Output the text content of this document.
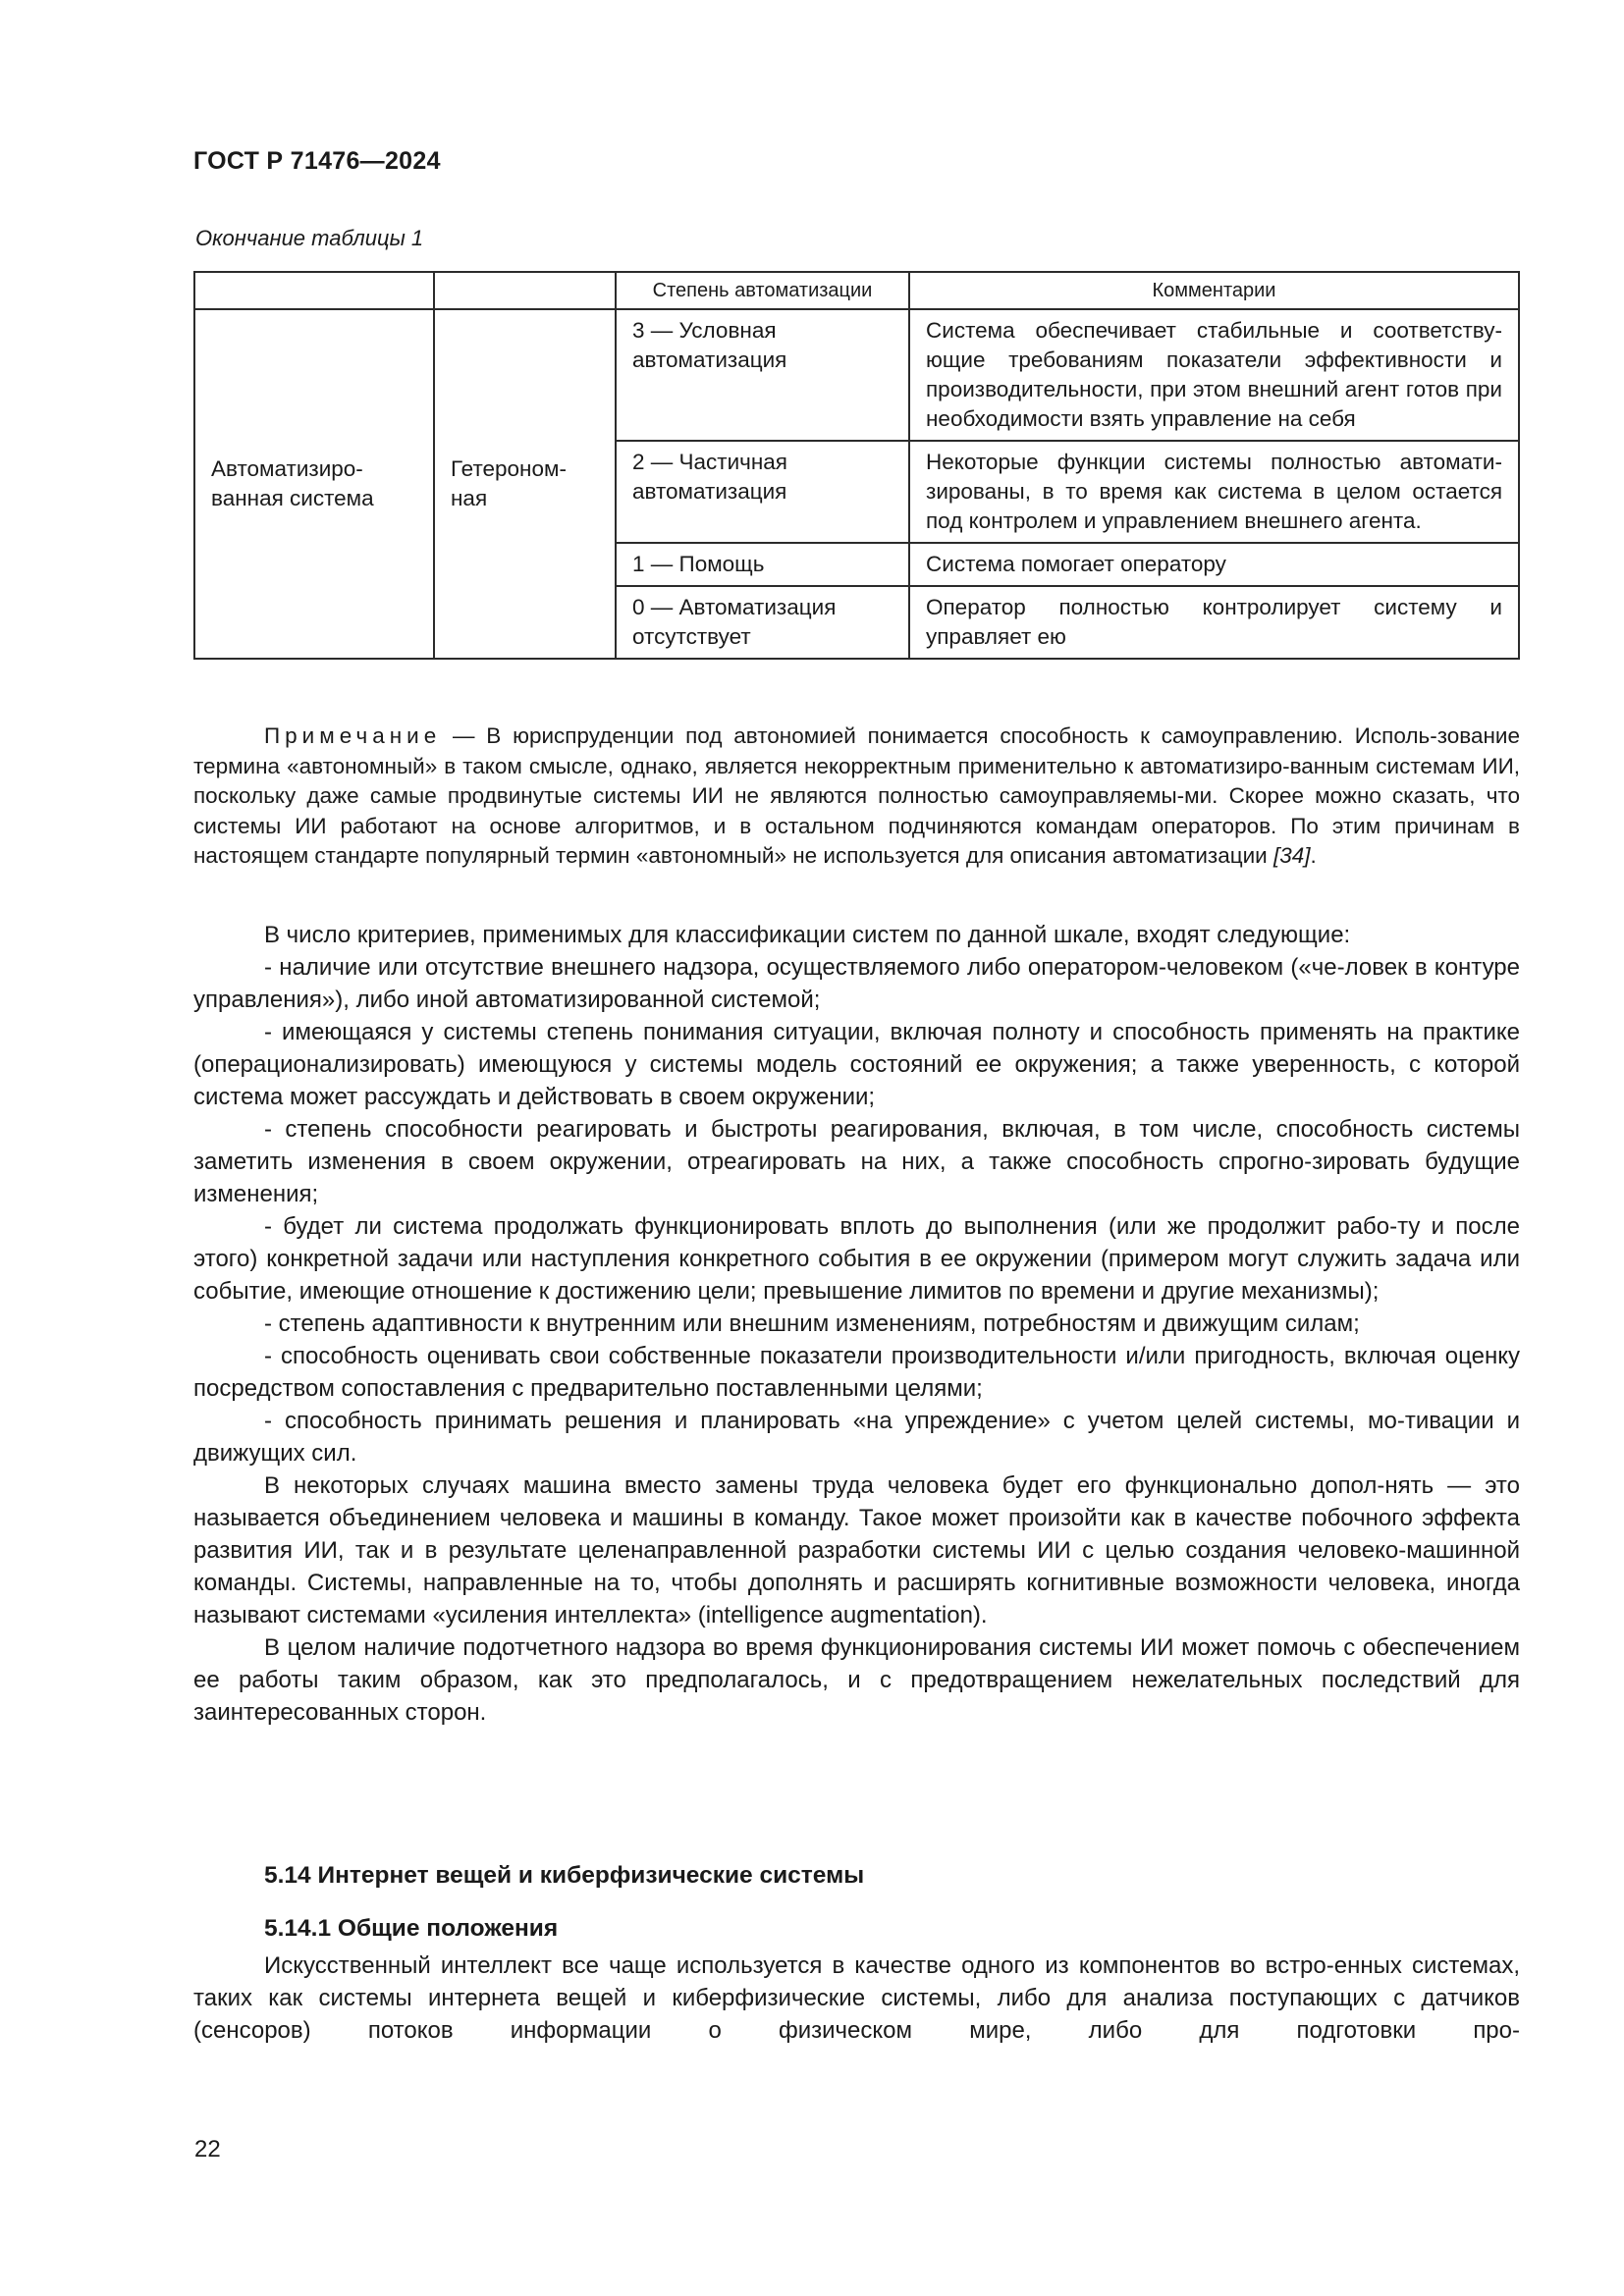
ГОСТ Р 71476—2024
Окончание таблицы 1
		Степень автоматизации	Комментарии
Автоматизиро-ванная система	Гетероном-ная	3 — Условная автоматизация	Система обеспечивает стабильные и соответству-ющие требованиям показатели эффективности и производительности, при этом внешний агент готов при необходимости взять управление на себя
		2 — Частичная автоматизация	Некоторые функции системы полностью автомати-зированы, в то время как система в целом остается под контролем и управлением внешнего агента.
		1 — Помощь	Система помогает оператору
		0 — Автоматизация отсутствует	Оператор полностью контролирует систему и управляет ею

Примечание — В юриспруденции под автономией понимается способность к самоуправлению. Исполь-зование термина «автономный» в таком смысле, однако, является некорректным применительно к автоматизиро-ванным системам ИИ, поскольку даже самые продвинутые системы ИИ не являются полностью самоуправляемы-ми. Скорее можно сказать, что системы ИИ работают на основе алгоритмов, и в остальном подчиняются командам операторов. По этим причинам в настоящем стандарте популярный термин «автономный» не используется для описания автоматизации [34].

В число критериев, применимых для классификации систем по данной шкале, входят следующие:

- наличие или отсутствие внешнего надзора, осуществляемого либо оператором-человеком («че-ловек в контуре управления»), либо иной автоматизированной системой;

- имеющаяся у системы степень понимания ситуации, включая полноту и способность применять на практике (операционализировать) имеющуюся у системы модель состояний ее окружения; а также уверенность, с которой система может рассуждать и действовать в своем окружении;

- степень способности реагировать и быстроты реагирования, включая, в том числе, способность системы заметить изменения в своем окружении, отреагировать на них, а также способность спрогно-зировать будущие изменения;

- будет ли система продолжать функционировать вплоть до выполнения (или же продолжит рабо-ту и после этого) конкретной задачи или наступления конкретного события в ее окружении (примером могут служить задача или событие, имеющие отношение к достижению цели; превышение лимитов по времени и другие механизмы);

- степень адаптивности к внутренним или внешним изменениям, потребностям и движущим силам;

- способность оценивать свои собственные показатели производительности и/или пригодность, включая оценку посредством сопоставления с предварительно поставленными целями;

- способность принимать решения и планировать «на упреждение» с учетом целей системы, мо-тивации и движущих сил.

В некоторых случаях машина вместо замены труда человека будет его функционально допол-нять — это называется объединением человека и машины в команду. Такое может произойти как в качестве побочного эффекта развития ИИ, так и в результате целенаправленной разработки системы ИИ с целью создания человеко-машинной команды. Системы, направленные на то, чтобы дополнять и расширять когнитивные возможности человека, иногда называют системами «усиления интеллекта» (intelligence augmentation).

В целом наличие подотчетного надзора во время функционирования системы ИИ может помочь с обеспечением ее работы таким образом, как это предполагалось, и с предотвращением нежелательных последствий для заинтересованных сторон.

5.14 Интернет вещей и киберфизические системы
5.14.1 Общие положения

Искусственный интеллект все чаще используется в качестве одного из компонентов во встро-енных системах, таких как системы интернета вещей и киберфизические системы, либо для анализа поступающих с датчиков (сенсоров) потоков информации о физическом мире, либо для подготовки про-

22
